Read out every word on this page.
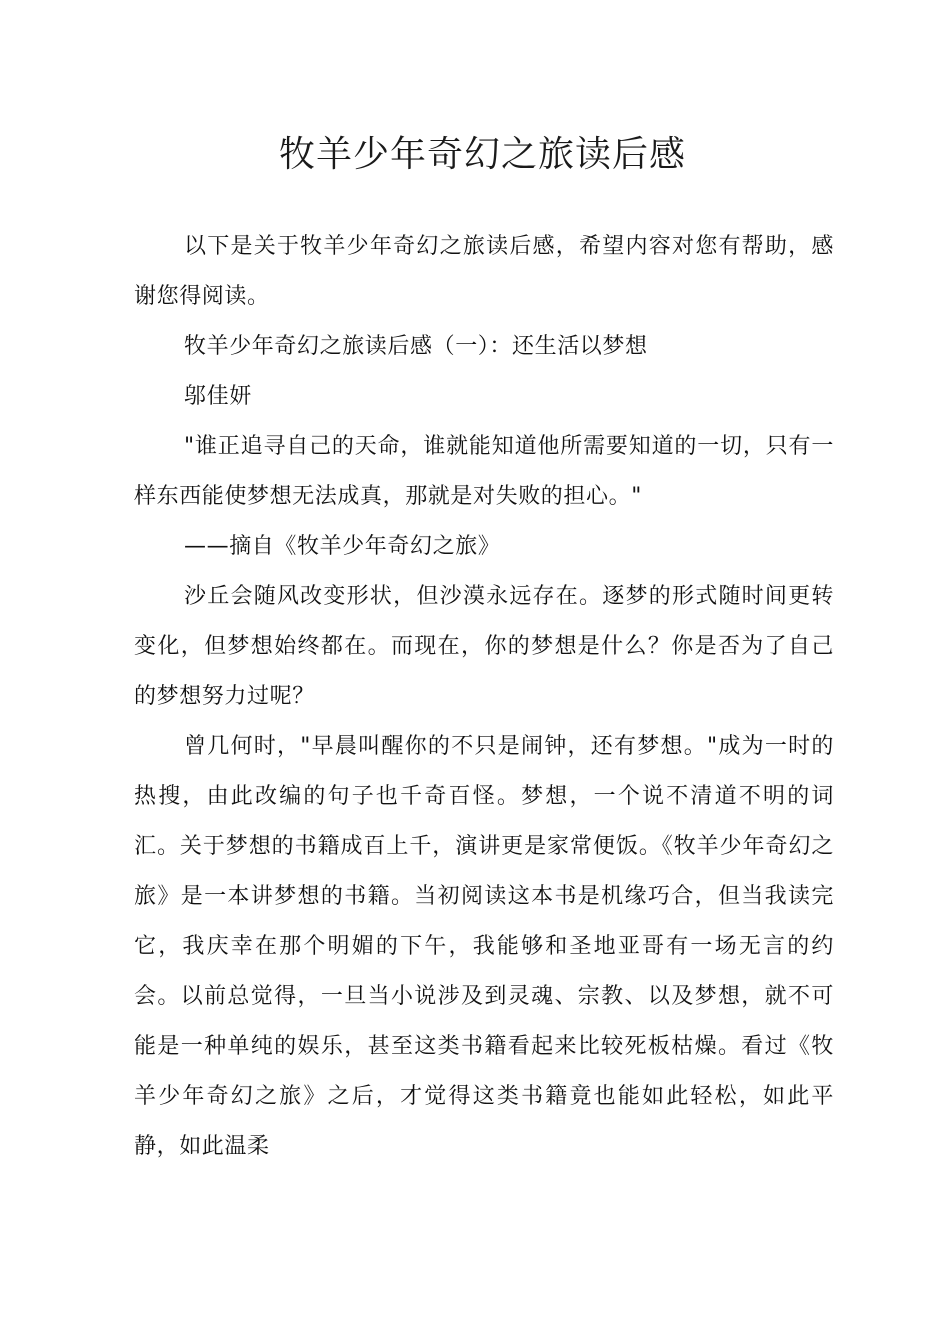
牧羊少年奇幻之旅读后感

以下是关于牧羊少年奇幻之旅读后感，希望内容对您有帮助，感谢您得阅读。

牧羊少年奇幻之旅读后感（一）：还生活以梦想

邬佳妍

"谁正追寻自己的天命，谁就能知道他所需要知道的一切，只有一样东西能使梦想无法成真，那就是对失败的担心。"

——摘自《牧羊少年奇幻之旅》

沙丘会随风改变形状，但沙漠永远存在。逐梦的形式随时间更转变化，但梦想始终都在。而现在，你的梦想是什么？你是否为了自己的梦想努力过呢？

曾几何时，"早晨叫醒你的不只是闹钟，还有梦想。"成为一时的热搜，由此改编的句子也千奇百怪。梦想，一个说不清道不明的词汇。关于梦想的书籍成百上千，演讲更是家常便饭。《牧羊少年奇幻之旅》是一本讲梦想的书籍。当初阅读这本书是机缘巧合，但当我读完它，我庆幸在那个明媚的下午，我能够和圣地亚哥有一场无言的约会。以前总觉得，一旦当小说涉及到灵魂、宗教、以及梦想，就不可能是一种单纯的娱乐，甚至这类书籍看起来比较死板枯燥。看过《牧羊少年奇幻之旅》之后，才觉得这类书籍竟也能如此轻松，如此平静，如此温柔
